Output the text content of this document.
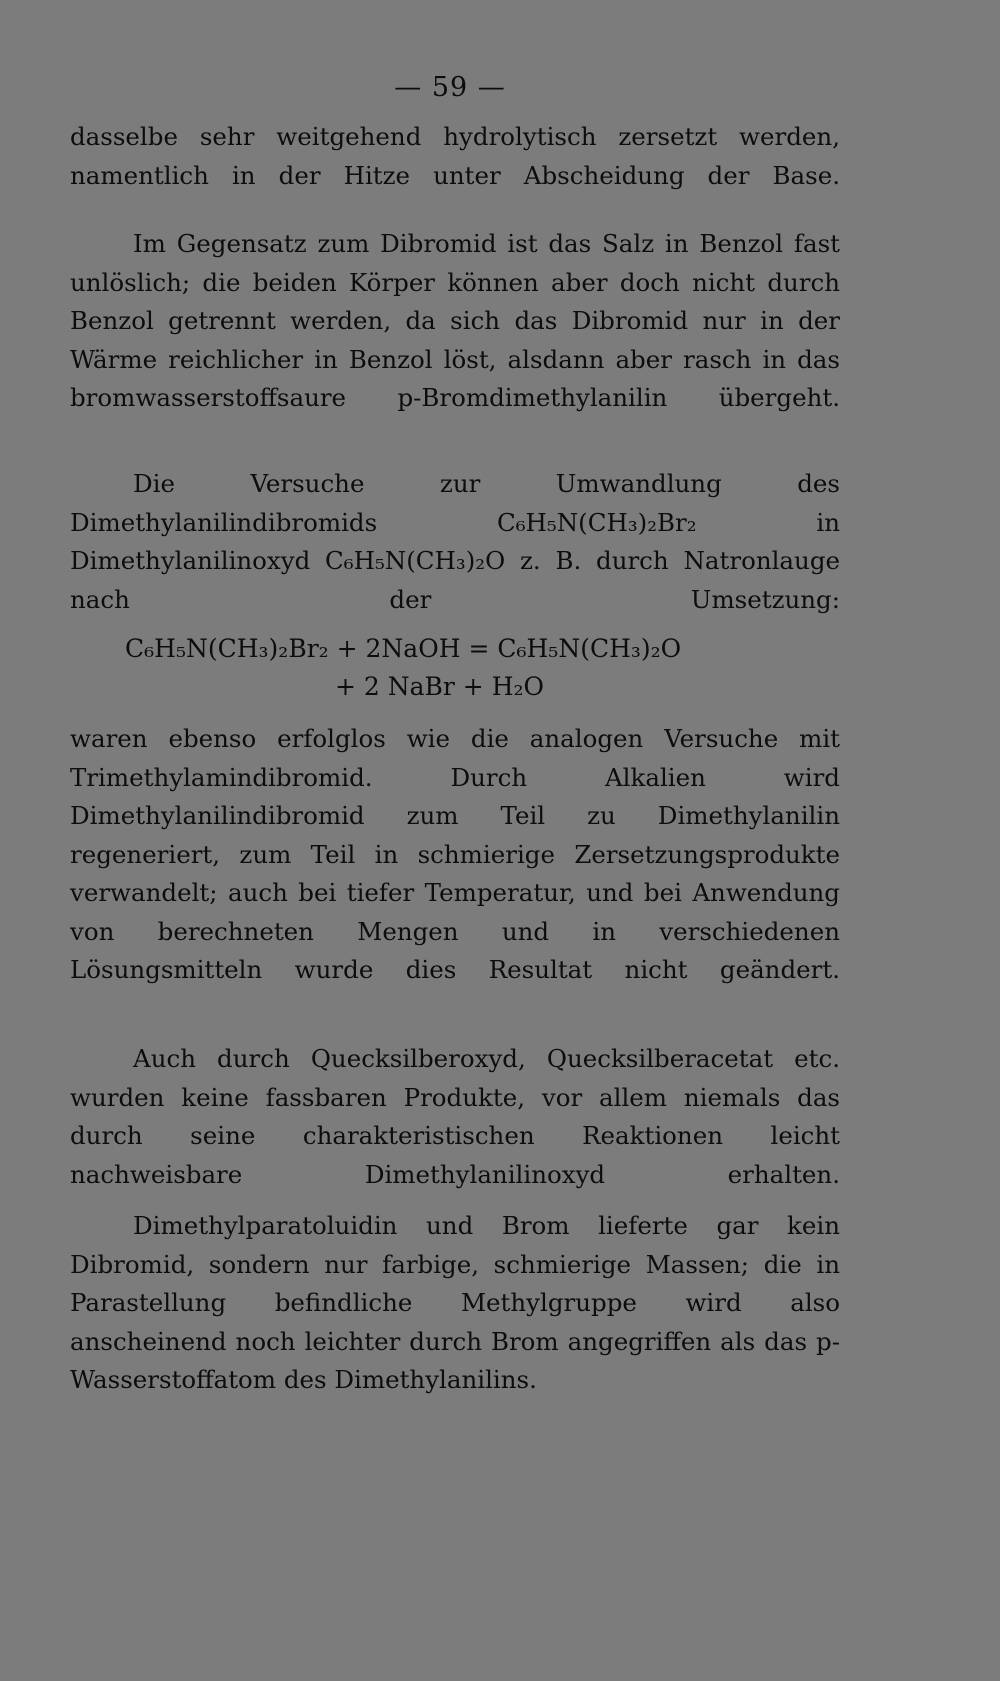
— 59 —
dasselbe sehr weitgehend hydrolytisch zersetzt werden, namentlich in der Hitze unter Abscheidung der Base.
Im Gegensatz zum Dibromid ist das Salz in Benzol fast unlöslich; die beiden Körper können aber doch nicht durch Benzol getrennt werden, da sich das Dibromid nur in der Wärme reichlicher in Benzol löst, alsdann aber rasch in das bromwasserstoffsaure p-Bromdimethylanilin übergeht.
Die Versuche zur Umwandlung des Dimethylanilindibromids C₆H₅N(CH₃)₂Br₂ in Dimethylanilinoxyd C₆H₅N(CH₃)₂O z. B. durch Natronlauge nach der Umsetzung:
C₆H₅N(CH₃)₂Br₂ + 2NaOH = C₆H₅N(CH₃)₂O
+ 2 NaBr + H₂O
waren ebenso erfolglos wie die analogen Versuche mit Trimethylamindibromid. Durch Alkalien wird Dimethylanilindibromid zum Teil zu Dimethylanilin regeneriert, zum Teil in schmierige Zersetzungsprodukte verwandelt; auch bei tiefer Temperatur, und bei Anwendung von berechneten Mengen und in verschiedenen Lösungsmitteln wurde dies Resultat nicht geändert.
Auch durch Quecksilberoxyd, Quecksilberacetat etc. wurden keine fassbaren Produkte, vor allem niemals das durch seine charakteristischen Reaktionen leicht nachweisbare Dimethylanilinoxyd erhalten.
Dimethylparatoluidin und Brom lieferte gar kein Dibromid, sondern nur farbige, schmierige Massen; die in Parastellung befindliche Methylgruppe wird also anscheinend noch leichter durch Brom angegriffen als das p-Wasserstoffatom des Dimethylanilins.
